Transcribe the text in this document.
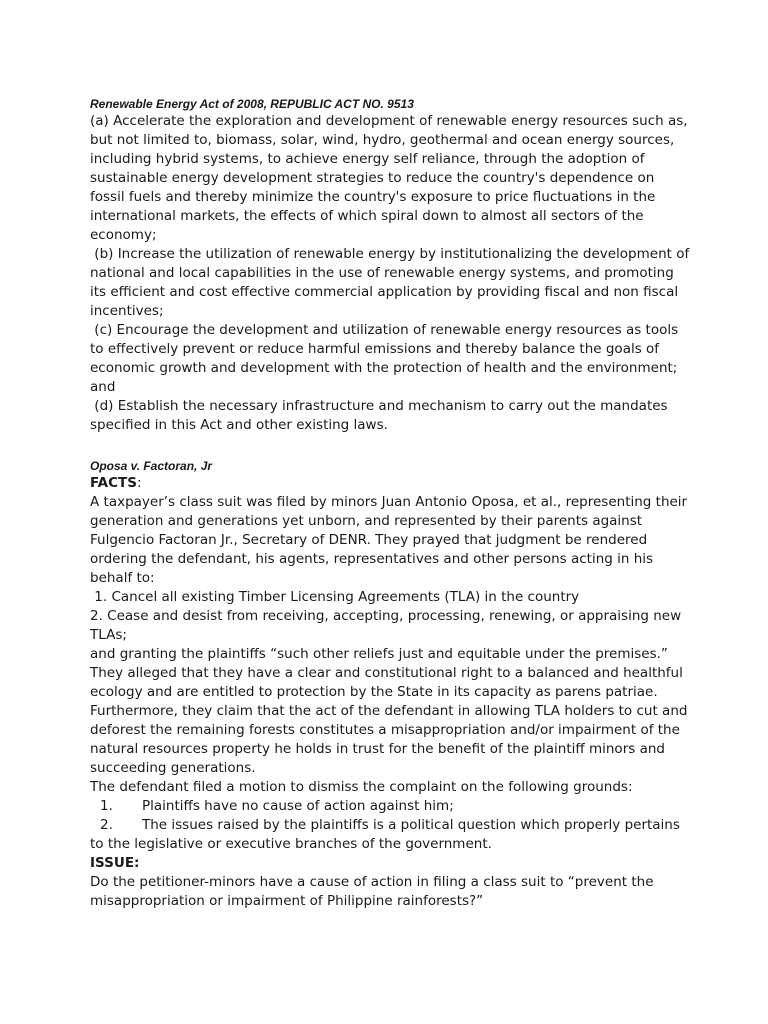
Renewable Energy Act of 2008, REPUBLIC ACT NO. 9513

(a) Accelerate the exploration and development of renewable energy resources such as, but not limited to, biomass, solar, wind, hydro, geothermal and ocean energy sources, including hybrid systems, to achieve energy self reliance, through the adoption of sustainable energy development strategies to reduce the country's dependence on fossil fuels and thereby minimize the country's exposure to price fluctuations in the international markets, the effects of which spiral down to almost all sectors of the economy;

(b) Increase the utilization of renewable energy by institutionalizing the development of national and local capabilities in the use of renewable energy systems, and promoting its efficient and cost effective commercial application by providing fiscal and non fiscal incentives;

(c) Encourage the development and utilization of renewable energy resources as tools to effectively prevent or reduce harmful emissions and thereby balance the goals of economic growth and development with the protection of health and the environment; and

(d) Establish the necessary infrastructure and mechanism to carry out the mandates specified in this Act and other existing laws.

Oposa v. Factoran, Jr

FACTS:

A taxpayer’s class suit was filed by minors Juan Antonio Oposa, et al., representing their generation and generations yet unborn, and represented by their parents against Fulgencio Factoran Jr., Secretary of DENR. They prayed that judgment be rendered ordering the defendant, his agents, representatives and other persons acting in his behalf to:

1. Cancel all existing Timber Licensing Agreements (TLA) in the country

2. Cease and desist from receiving, accepting, processing, renewing, or appraising new TLAs;

and granting the plaintiffs “such other reliefs just and equitable under the premises.” They alleged that they have a clear and constitutional right to a balanced and healthful ecology and are entitled to protection by the State in its capacity as parens patriae. Furthermore, they claim that the act of the defendant in allowing TLA holders to cut and deforest the remaining forests constitutes a misappropriation and/or impairment of the natural resources property he holds in trust for the benefit of the plaintiff minors and succeeding generations.

The defendant filed a motion to dismiss the complaint on the following grounds:

1. Plaintiffs have no cause of action against him;

2. The issues raised by the plaintiffs is a political question which properly pertains to the legislative or executive branches of the government.

ISSUE:

Do the petitioner-minors have a cause of action in filing a class suit to “prevent the misappropriation or impairment of Philippine rainforests?”
